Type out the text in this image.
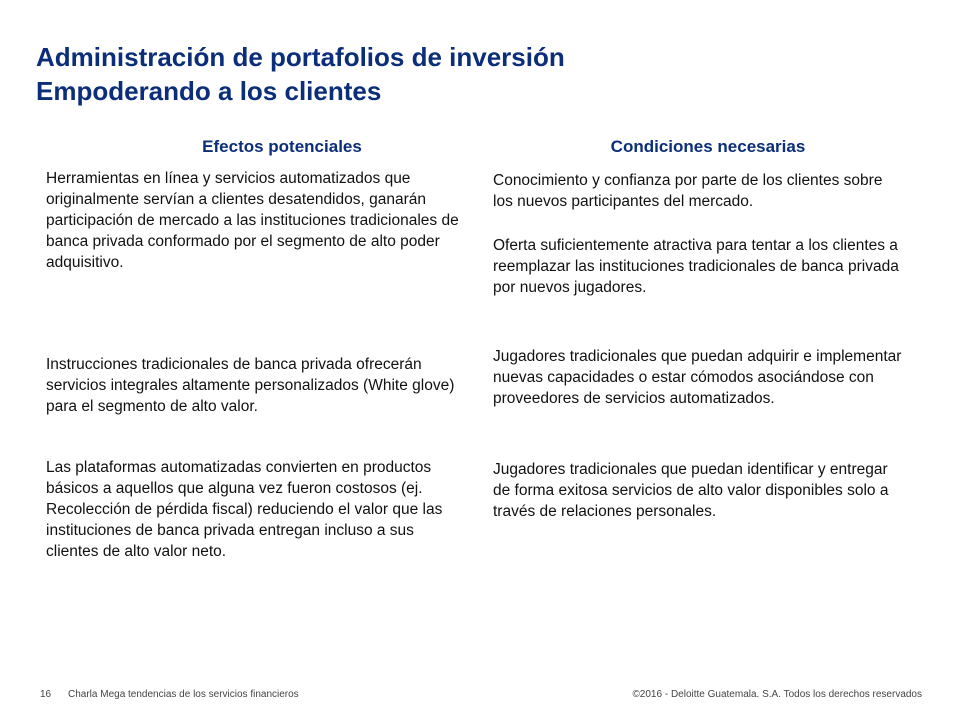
Administración de portafolios de inversión
Empoderando a los clientes
Efectos potenciales

Herramientas en línea y servicios automatizados que originalmente servían a clientes desatendidos, ganarán participación de mercado a las instituciones tradicionales de banca privada conformado por el segmento de alto poder adquisitivo.

Instrucciones tradicionales de banca privada ofrecerán servicios integrales altamente personalizados (White glove) para el segmento de alto valor.

Las plataformas automatizadas convierten en productos básicos a aquellos que alguna vez fueron costosos (ej. Recolección de pérdida fiscal) reduciendo el valor que las instituciones de banca privada entregan incluso a sus clientes de alto valor neto.

Condiciones necesarias

Conocimiento y confianza por parte de los clientes sobre los nuevos participantes del mercado.

Oferta suficientemente atractiva para tentar a los clientes a reemplazar las instituciones tradicionales de banca privada por nuevos jugadores.

Jugadores tradicionales que puedan adquirir e implementar nuevas capacidades o estar cómodos asociándose con proveedores de servicios automatizados.

Jugadores tradicionales que puedan identificar y entregar de forma exitosa servicios de alto valor disponibles solo a través de relaciones personales.

16 Charla Mega tendencias de los servicios financieros	©2016 - Deloitte Guatemala. S.A. Todos los derechos reservados
